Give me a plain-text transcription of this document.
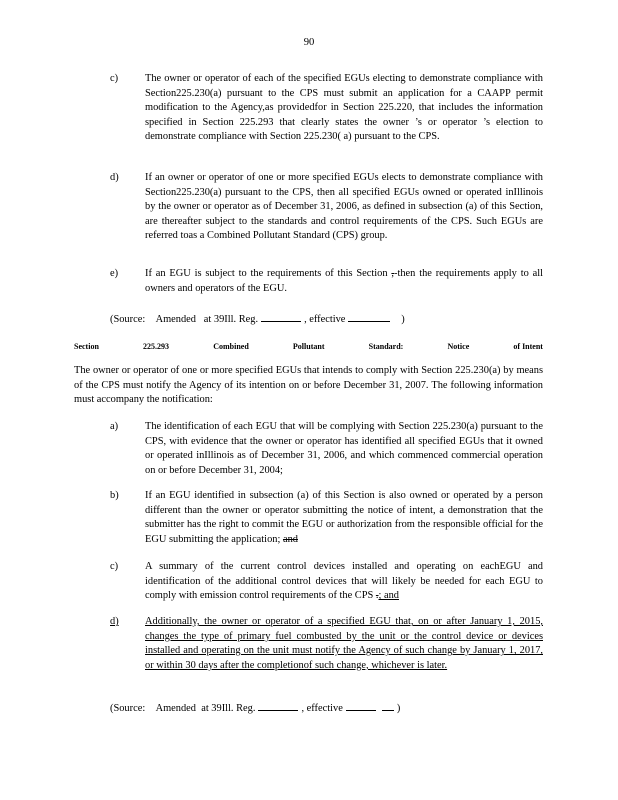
90
c)	The owner or operator of each of the specified EGUs electing to demonstrate compliance with Section225.230(a) pursuant to the CPS must submit an application for a CAAPP permit modification to the Agency,as providedfor in Section 225.220, that includes the information specified in Section 225.293 that clearly states the owner ’s or operator ’s election to demonstrate compliance with Section 225.230( a) pursuant to the CPS.
d)	If an owner or operator of one or more specified EGUs elects to demonstrate compliance with Section225.230(a) pursuant to the CPS, then all specified EGUs owned or operated inIllinois by the owner or operator as of December 31, 2006, as defined in subsection (a) of this Section, are thereafter subject to the standards and control requirements of the CPS. Such EGUs are referred toas a Combined Pollutant Standard (CPS) group.
e)	If an EGU is subject to the requirements of this Section ,-then the requirements apply to all owners and operators of the EGU.
(Source: Amended at 39Ill. Reg.	, effective	)
Section	225.293	Combined	Pollutant	Standard:	Notice	of Intent
The owner or operator of one or more specified EGUs that intends to comply with Section 225.230(a) by means of the CPS must notify the Agency of its intention on or before December 31, 2007. The following information must accompany the notification:
a)	The identification of each EGU that will be complying with Section 225.230(a) pursuant to the CPS, with evidence that the owner or operator has identified all specified EGUs that it owned or operated inIllinois as of December 31, 2006, and which commenced commercial operation on or before December 31, 2004;
b)	If an EGU identified in subsection (a) of this Section is also owned or operated by a person different than the owner or operator submitting the notice of intent, a demonstration that the submitter has the right to commit the EGU or authorization from the responsible official for the EGU submitting the application; and
c)	A summary of the current control devices installed and operating on eachEGU and identification of the additional control devices that will likely be needed for each EGU to comply with emission control requirements of the CPS .; and
d)	Additionally, the owner or operator of a specified EGU that, on or after January 1, 2015, changes the type of primary fuel combusted by the unit or the control device or devices installed and operating on the unit must notify the Agency of such change by January 1, 2017, or within 30 days after the completionof such change, whichever is later.
(Source: Amended at 39Ill. Reg.	, effective	)
